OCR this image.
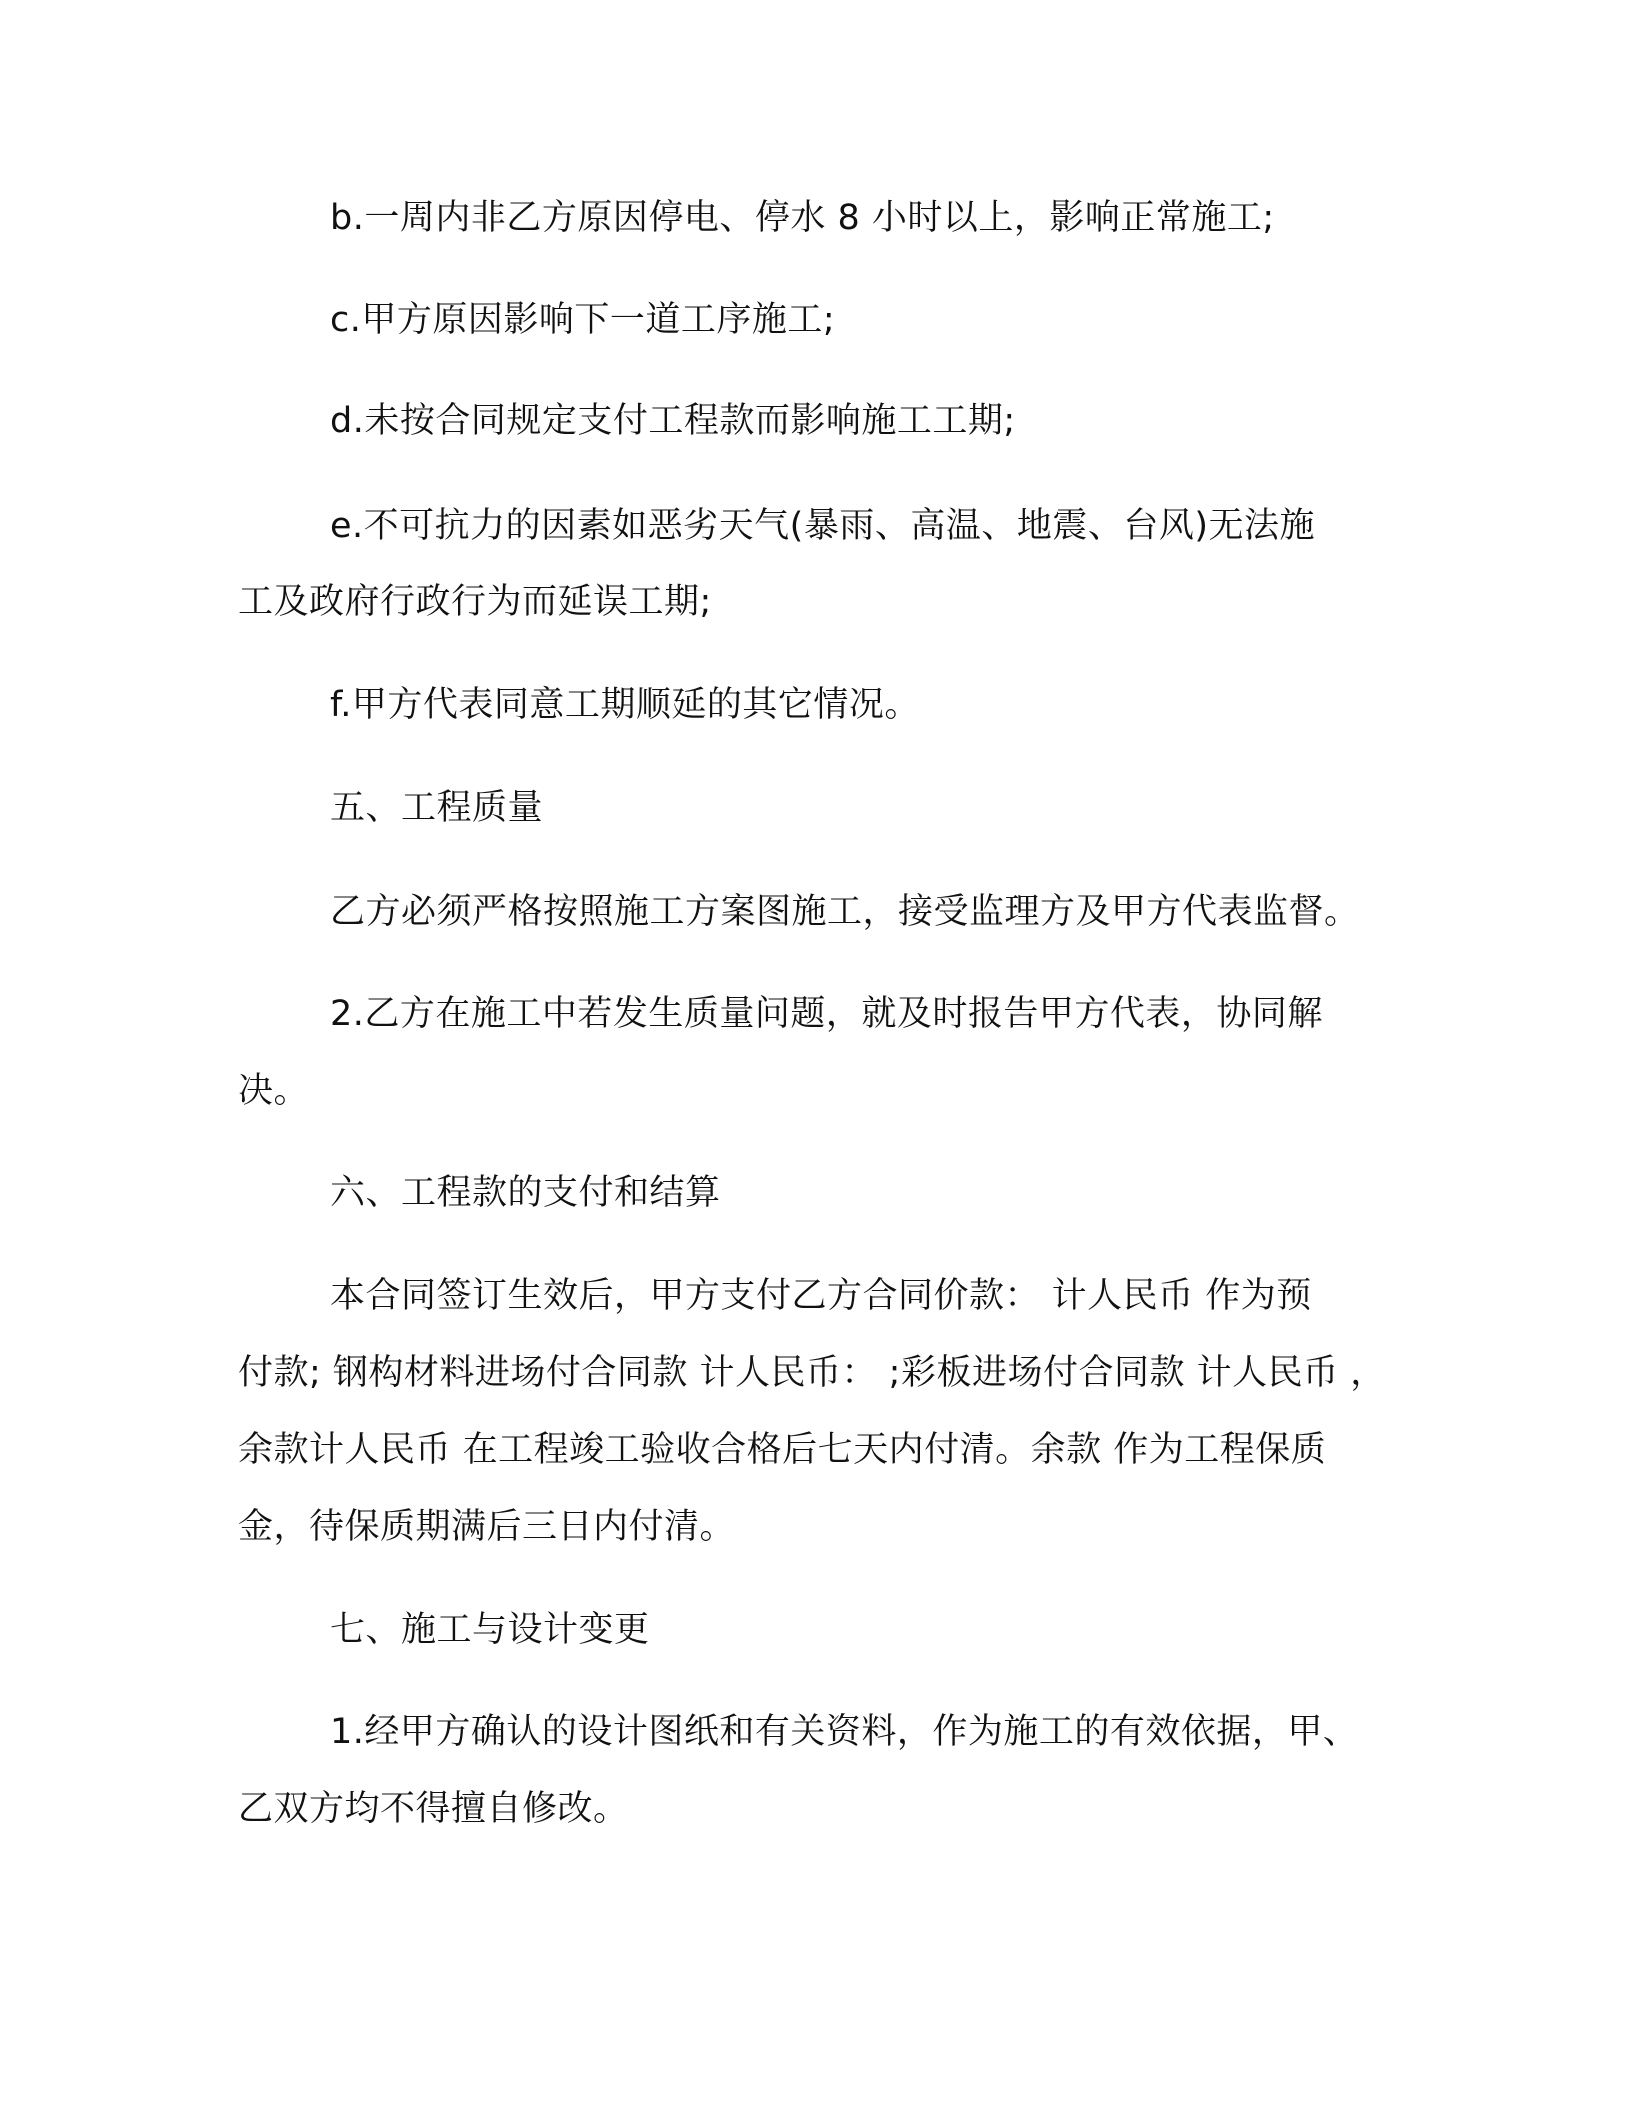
b.一周内非乙方原因停电、停水 8 小时以上，影响正常施工;
c.甲方原因影响下一道工序施工;
d.未按合同规定支付工程款而影响施工工期;
e.不可抗力的因素如恶劣天气(暴雨、高温、地震、台风)无法施
工及政府行政行为而延误工期;
f.甲方代表同意工期顺延的其它情况。
五、工程质量
乙方必须严格按照施工方案图施工，接受监理方及甲方代表监督。
2.乙方在施工中若发生质量问题，就及时报告甲方代表，协同解
决。
六、工程款的支付和结算
本合同签订生效后，甲方支付乙方合同价款： 计人民币 作为预
付款; 钢构材料进场付合同款 计人民币： ;彩板进场付合同款 计人民币 ，
余款计人民币 在工程竣工验收合格后七天内付清。余款 作为工程保质
金，待保质期满后三日内付清。
七、施工与设计变更
1.经甲方确认的设计图纸和有关资料，作为施工的有效依据，甲、
乙双方均不得擅自修改。
